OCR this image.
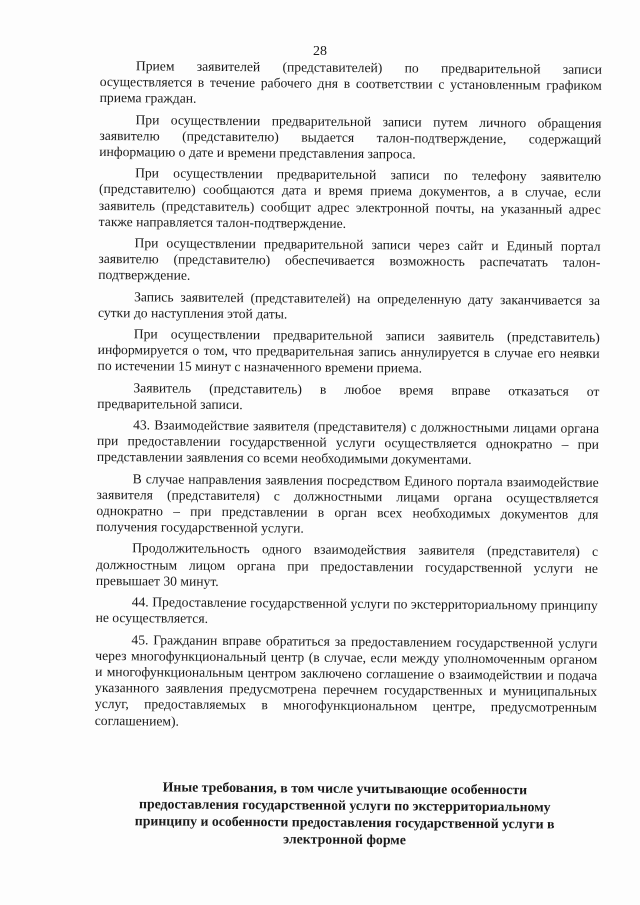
28

Прием заявителей (представителей) по предварительной записи осуществляется в течение рабочего дня в соответствии с установленным графиком приема граждан.

При осуществлении предварительной записи путем личного обращения заявителю (представителю) выдается талон-подтверждение, содержащий информацию о дате и времени представления запроса.

При осуществлении предварительной записи по телефону заявителю (представителю) сообщаются дата и время приема документов, а в случае, если заявитель (представитель) сообщит адрес электронной почты, на указанный адрес также направляется талон-подтверждение.

При осуществлении предварительной записи через сайт и Единый портал заявителю (представителю) обеспечивается возможность распечатать талон- подтверждение.

Запись заявителей (представителей) на определенную дату заканчивается за сутки до наступления этой даты.

При осуществлении предварительной записи заявитель (представитель) информируется о том, что предварительная запись аннулируется в случае его неявки по истечении 15 минут с назначенного времени приема.

Заявитель (представитель) в любое время вправе отказаться от предварительной записи.

43. Взаимодействие заявителя (представителя) с должностными лицами органа при предоставлении государственной услуги осуществляется однократно – при представлении заявления со всеми необходимыми документами.

В случае направления заявления посредством Единого портала взаимодействие заявителя (представителя) с должностными лицами органа осуществляется однократно – при представлении в орган всех необходимых документов для получения государственной услуги.

Продолжительность одного взаимодействия заявителя (представителя) с должностным лицом органа при предоставлении государственной услуги не превышает 30 минут.

44. Предоставление государственной услуги по экстерриториальному принципу не осуществляется.

45. Гражданин вправе обратиться за предоставлением государственной услуги через многофункциональный центр (в случае, если между уполномоченным органом и многофункциональным центром заключено соглашение о взаимодействии и подача указанного заявления предусмотрена перечнем государственных и муниципальных услуг, предоставляемых в многофункциональном центре, предусмотренным соглашением).

Иные требования, в том числе учитывающие особенности
предоставления государственной услуги по экстерриториальному
принципу и особенности предоставления государственной услуги в
электронной форме
